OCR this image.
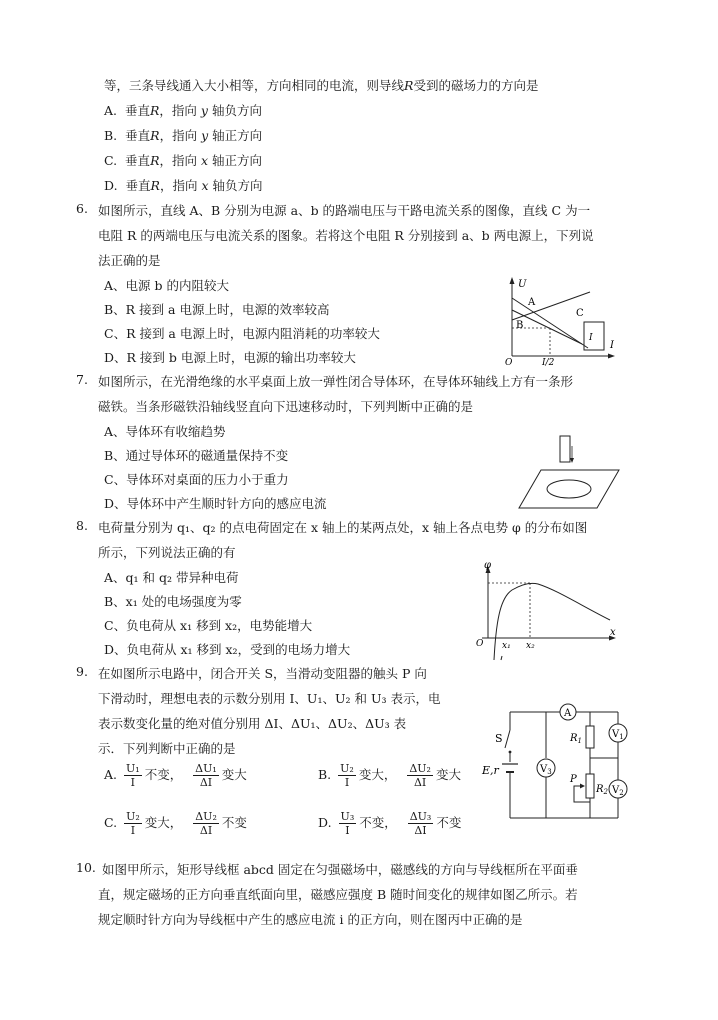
等，三条导线通入大小相等，方向相同的电流，则导线R受到的磁场力的方向是
A. 垂直R，指向 y 轴负方向
B. 垂直R，指向 y 轴正方向
C. 垂直R，指向 x 轴正方向
D. 垂直R，指向 x 轴负方向
6. 如图所示，直线 A、B 分别为电源 a、b 的路端电压与干路电流关系的图像，直线 C 为一
电阻 R 的两端电压与电流关系的图象。若将这个电阻 R 分别接到 a、b 两电源上，下列说
法正确的是
A、电源 b 的内阻较大
B、R 接到 a 电源上时，电源的效率较高
C、R 接到 a 电源上时，电源内阻消耗的功率较大
D、R 接到 b 电源上时，电源的输出功率较大
U
I
O
A
B
C
I/2
I
7. 如图所示，在光滑绝缘的水平桌面上放一弹性闭合导体环，在导体环轴线上方有一条形
磁铁。当条形磁铁沿轴线竖直向下迅速移动时，下列判断中正确的是
A、导体环有收缩趋势
B、通过导体环的磁通量保持不变
C、导体环对桌面的压力小于重力
D、导体环中产生顺时针方向的感应电流
8. 电荷量分别为 q₁、q₂ 的点电荷固定在 x 轴上的某两点处，x 轴上各点电势 φ 的分布如图
所示，下列说法正确的有
A、q₁ 和 q₂ 带异种电荷
B、x₁ 处的电场强度为零
C、负电荷从 x₁ 移到 x₂，电势能增大
D、负电荷从 x₁ 移到 x₂，受到的电场力增大
φ
x
O x₁ x₂
9. 在如图所示电路中，闭合开关 S，当滑动变阻器的触头 P 向
下滑动时，理想电表的示数分别用 I、U₁、U₂ 和 U₃ 表示，电
表示数变化量的绝对值分别用 ΔI、ΔU₁、ΔU₂、ΔU₃ 表
示．下列判断中正确的是
A. $\frac{\text{U₁}}{I}$ 不变， $\frac{\text{ΔU₁}}{\Delta I}$ 变大	B. $\frac{\text{U₂}}{I}$ 变大， $\frac{\text{ΔU₂}}{\Delta I}$ 变大
C. $\frac{\text{U₂}}{I}$ 变大， $\frac{\text{ΔU₂}}{\Delta I}$ 不变	D. $\frac{\text{U₃}}{I}$ 不变， $\frac{\text{ΔU₃}}{\Delta I}$ 不变
S
E,r
A
$V_3$
$V_1$
$V_2$
$R_1$
$R_2$
P
10. 如图甲所示，矩形导线框 abcd 固定在匀强磁场中，磁感线的方向与导线框所在平面垂
直，规定磁场的正方向垂直纸面向里，磁感应强度 B 随时间变化的规律如图乙所示。若
规定顺时针方向为导线框中产生的感应电流 i 的正方向，则在图丙中正确的是
